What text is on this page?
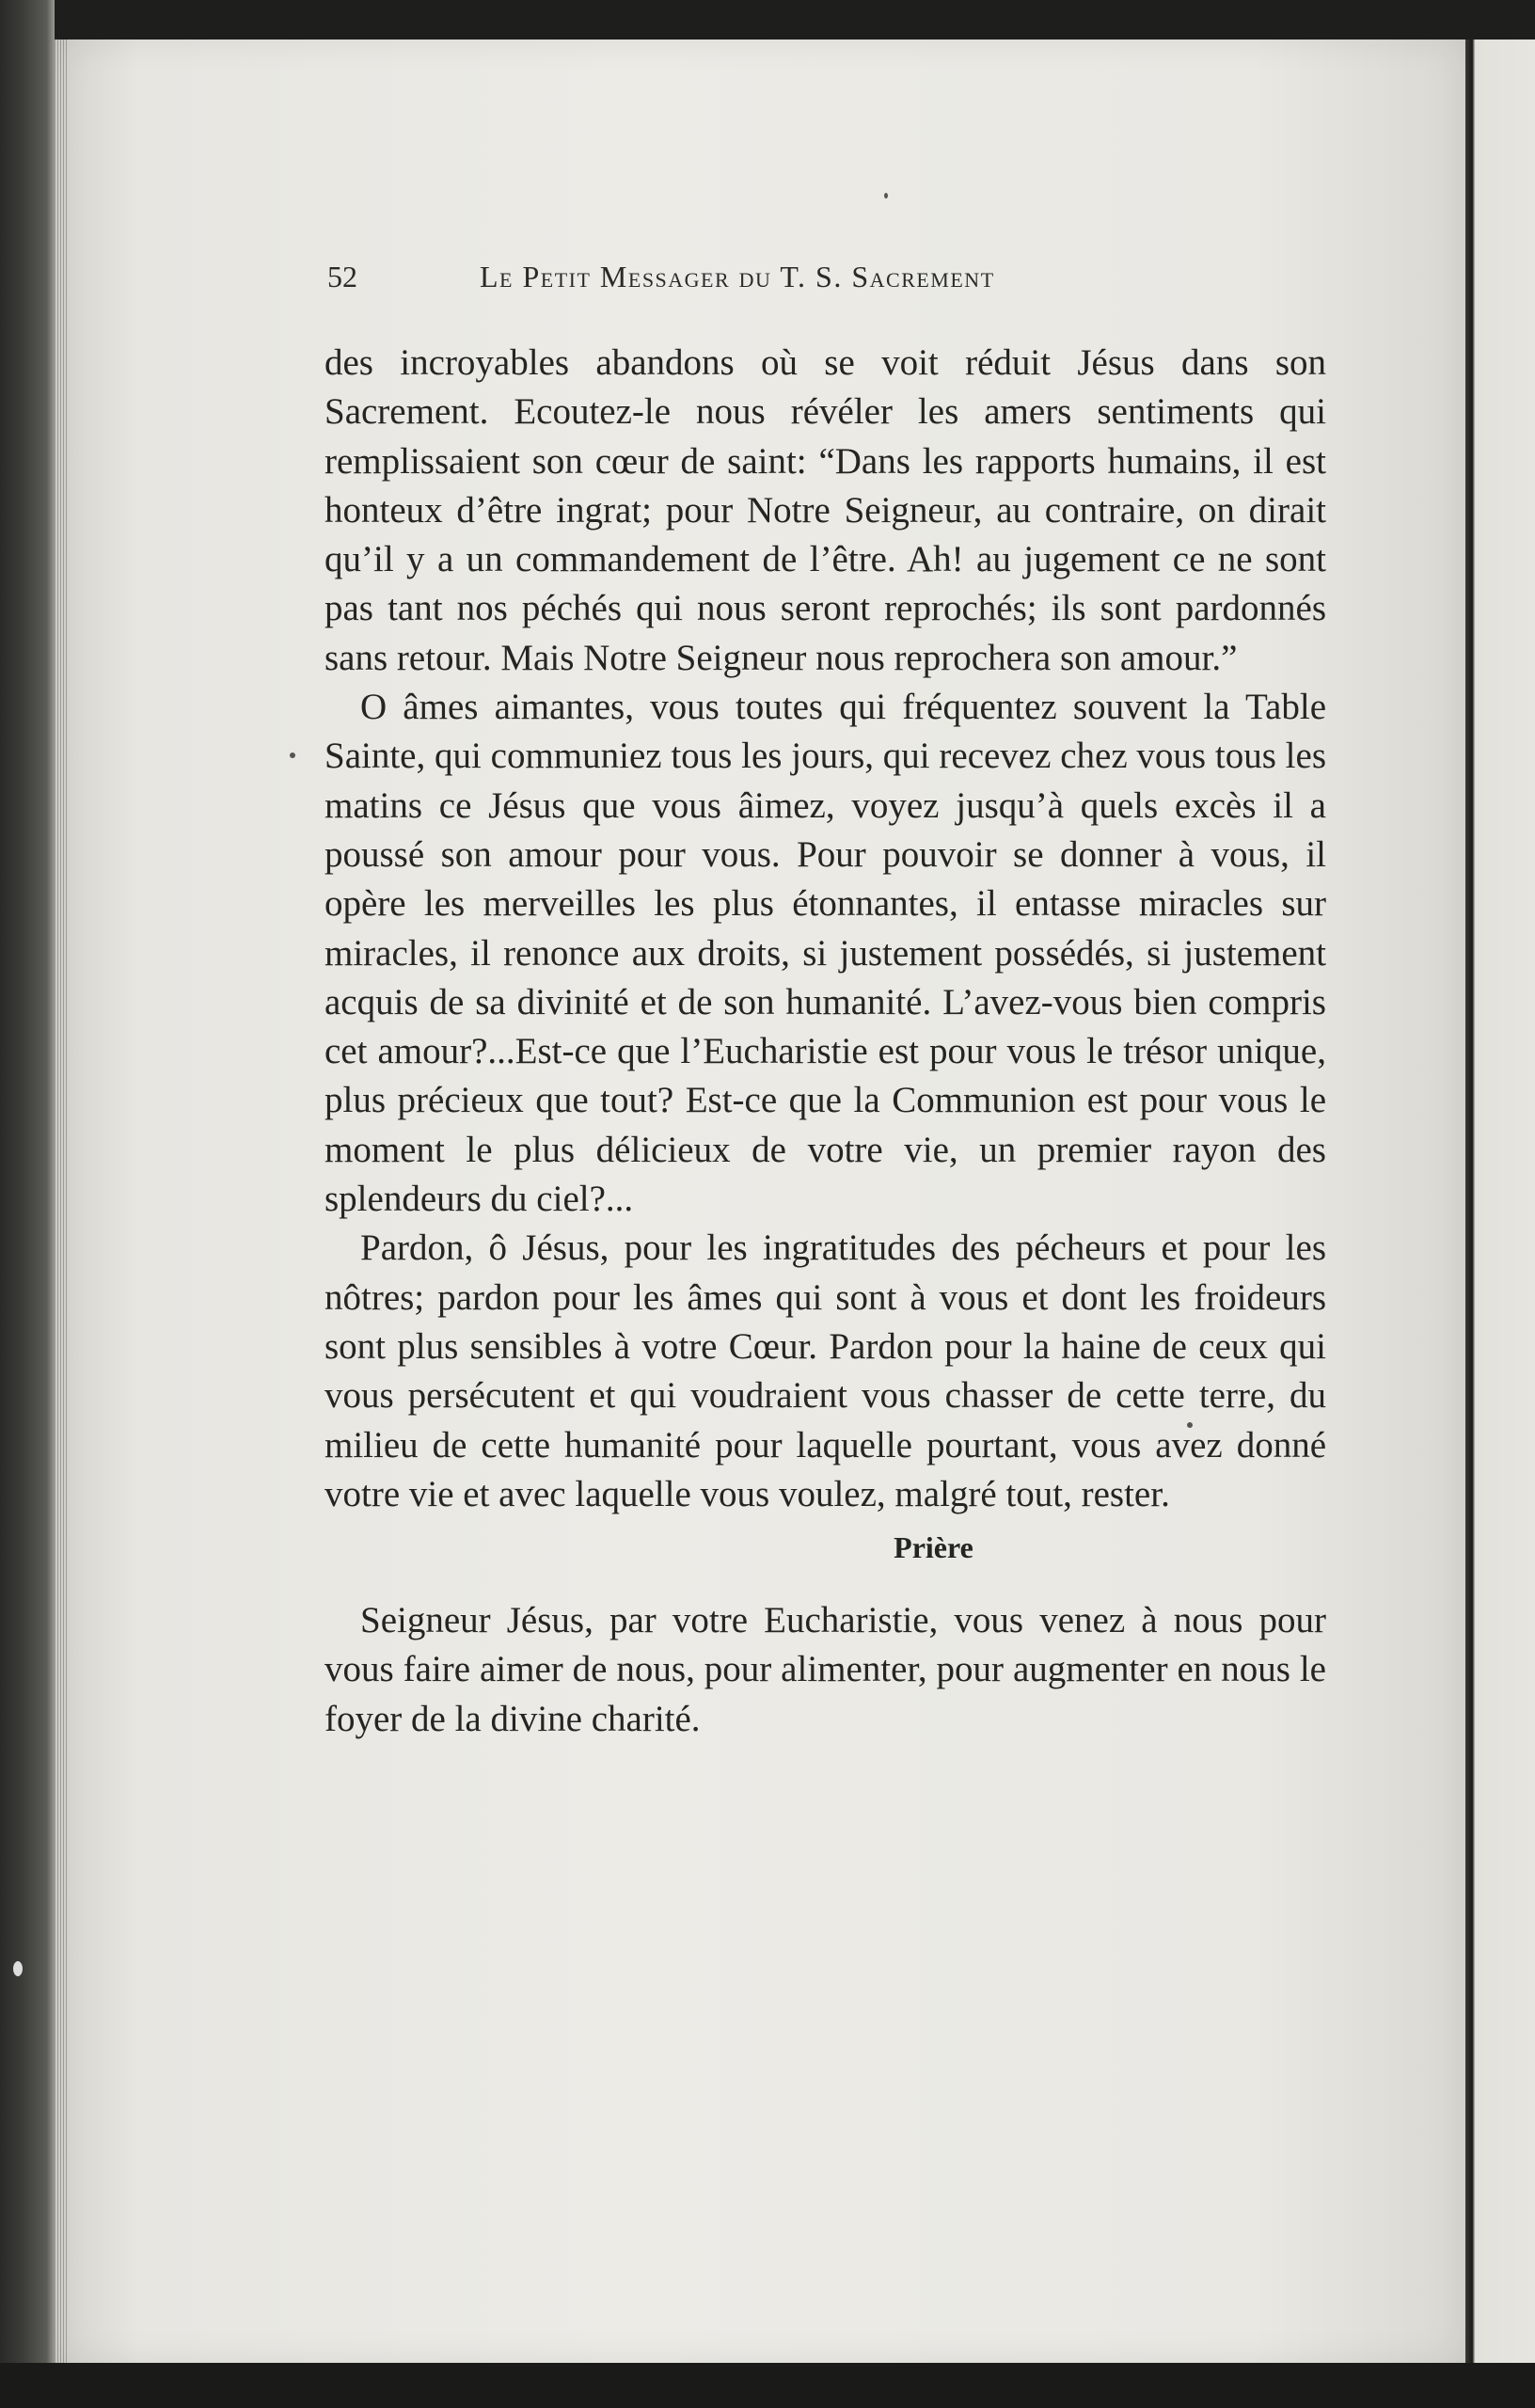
52	Le Petit Messager du T. S. Sacrement

des incroyables abandons où se voit réduit Jésus dans son Sacrement. Ecoutez-le nous révéler les amers sentiments qui remplissaient son cœur de saint: “Dans les rapports humains, il est honteux d’être ingrat; pour Notre Seigneur, au contraire, on dirait qu’il y a un commandement de l’être. Ah! au jugement ce ne sont pas tant nos péchés qui nous seront reprochés; ils sont pardonnés sans retour. Mais Notre Seigneur nous reprochera son amour.”

O âmes aimantes, vous toutes qui fréquentez souvent la Table Sainte, qui communiez tous les jours, qui recevez chez vous tous les matins ce Jésus que vous âimez, voyez jusqu’à quels excès il a poussé son amour pour vous. Pour pouvoir se donner à vous, il opère les merveilles les plus étonnantes, il entasse miracles sur miracles, il renonce aux droits, si justement possédés, si justement acquis de sa divinité et de son humanité. L’avez-vous bien compris cet amour?...Est-ce que l’Eucharistie est pour vous le trésor unique, plus précieux que tout? Est-ce que la Communion est pour vous le moment le plus délicieux de votre vie, un premier rayon des splendeurs du ciel?...

Pardon, ô Jésus, pour les ingratitudes des pécheurs et pour les nôtres; pardon pour les âmes qui sont à vous et dont les froideurs sont plus sensibles à votre Cœur. Pardon pour la haine de ceux qui vous persécutent et qui voudraient vous chasser de cette terre, du milieu de cette humanité pour laquelle pourtant, vous avez donné votre vie et avec laquelle vous voulez, malgré tout, rester.

Prière

Seigneur Jésus, par votre Eucharistie, vous venez à nous pour vous faire aimer de nous, pour alimenter, pour augmenter en nous le foyer de la divine charité.
